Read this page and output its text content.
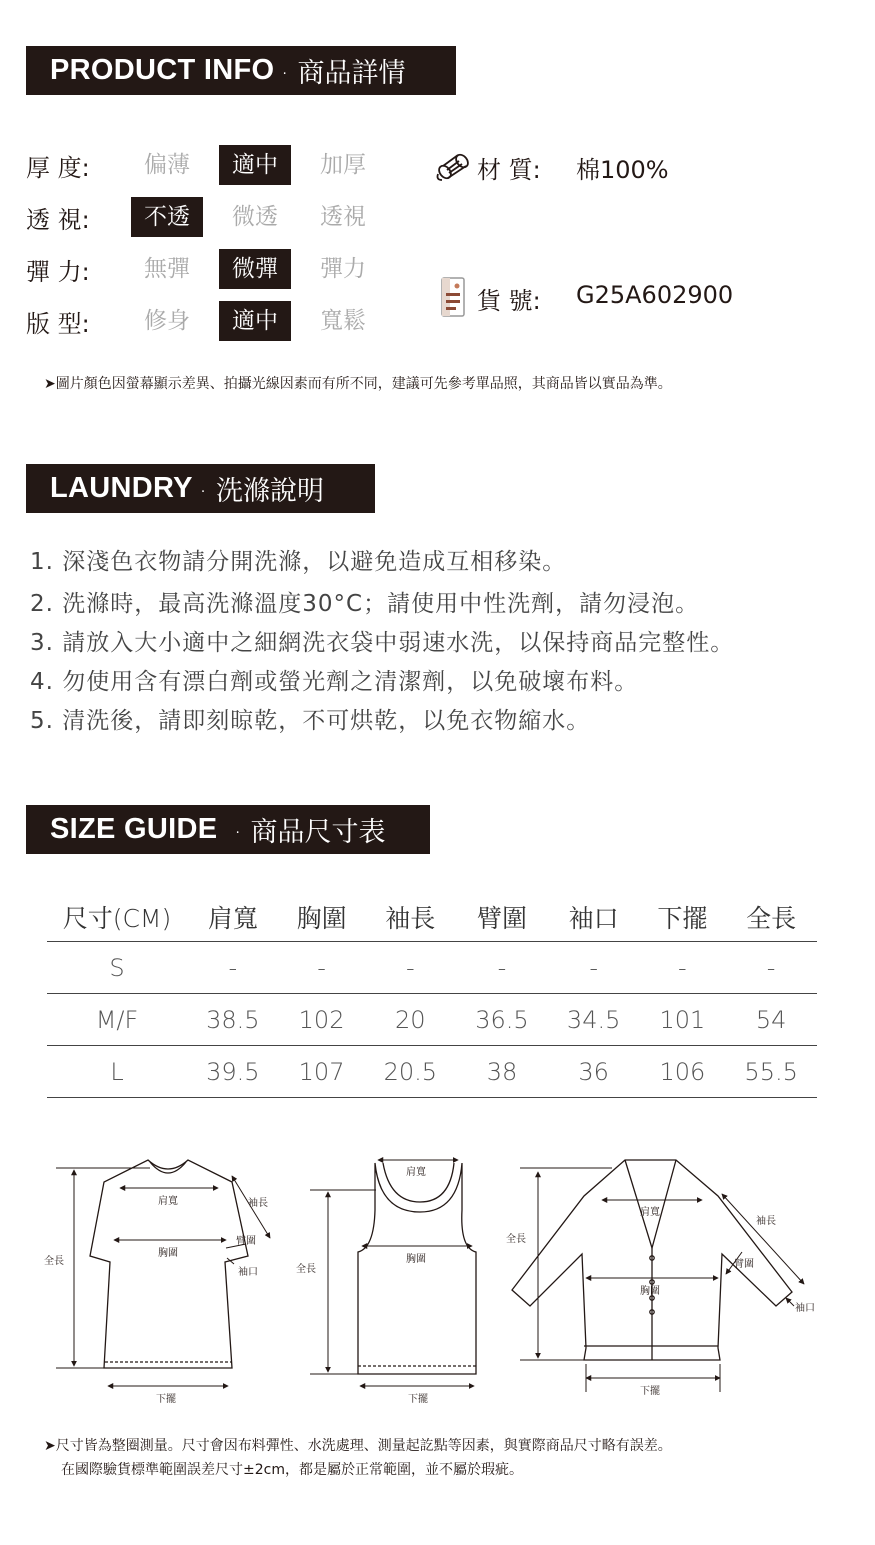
PRODUCT INFO · 商品詳情
厚 度:	偏薄	適中	加厚
透 視:	不透	微透	透視
彈 力:	無彈	微彈	彈力
版 型:	修身	適中	寬鬆
材 質: 棉100%
貨 號: G25A602900
➤圖片顏色因螢幕顯示差異、拍攝光線因素而有所不同，建議可先參考單品照，其商品皆以實品為準。
LAUNDRY · 洗滌說明
1. 深淺色衣物請分開洗滌，以避免造成互相移染。
2. 洗滌時，最高洗滌溫度30°C；請使用中性洗劑，請勿浸泡。
3. 請放入大小適中之細網洗衣袋中弱速水洗，以保持商品完整性。
4. 勿使用含有漂白劑或螢光劑之清潔劑，以免破壞布料。
5. 清洗後，請即刻晾乾，不可烘乾，以免衣物縮水。
SIZE GUIDE · 商品尺寸表
尺寸(CM)	肩寬	胸圍	袖長	臂圍	袖口	下擺	全長
S	-	-	-	-	-	-	-
M/F	38.5	102	20	36.5	34.5	101	54
L	39.5	107	20.5	38	36	106	55.5
肩寬
胸圍
袖長
臂圍
袖口
全長
下擺
肩寬
胸圍
全長
下擺
肩寬
胸圍
袖長
臂圍
袖口
全長
下擺
➤尺寸皆為整圈測量。尺寸會因布料彈性、水洗處理、測量起訖點等因素，與實際商品尺寸略有誤差。
在國際驗貨標準範圍誤差尺寸±2cm，都是屬於正常範圍，並不屬於瑕疵。
